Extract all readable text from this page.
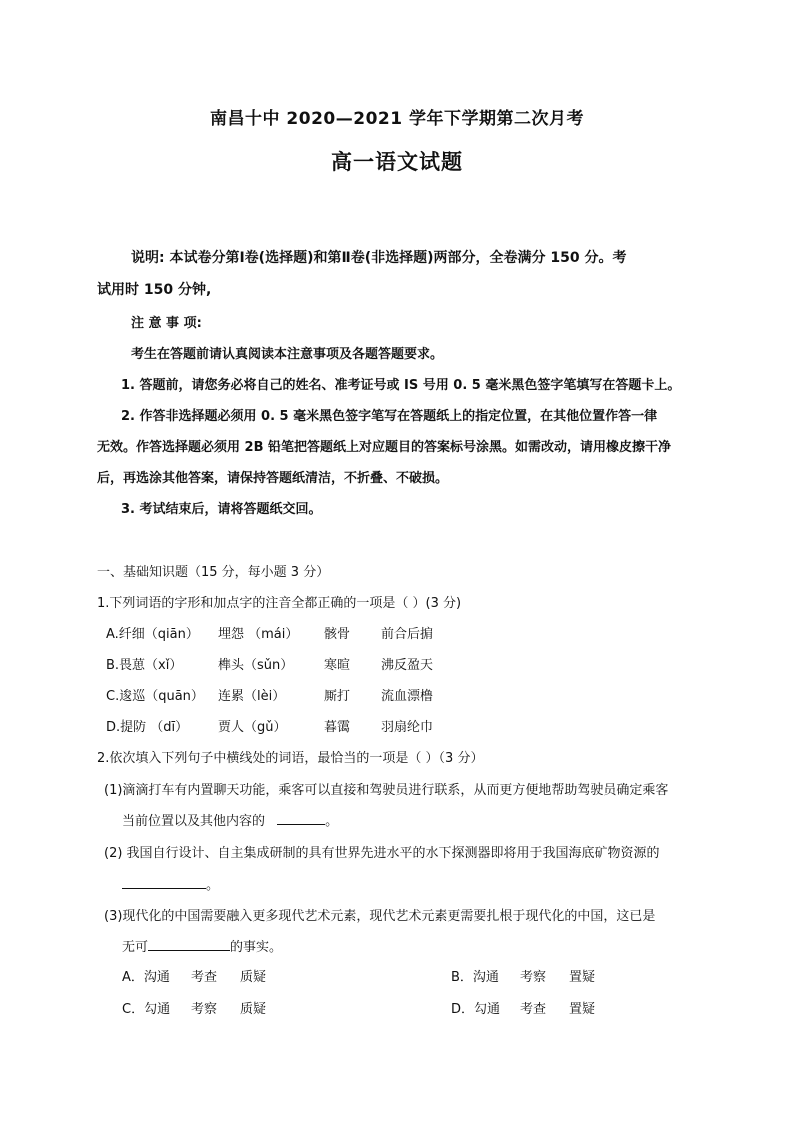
南昌十中 2020—2021 学年下学期第二次月考
高一语文试题
说明: 本试卷分第Ⅰ卷(选择题)和第Ⅱ卷(非选择题)两部分，全卷满分 150 分。考
试用时 150 分钟,
注 意 事 项:
考生在答题前请认真阅读本注意事项及各题答题要求。
1. 答题前，请您务必将自己的姓名、准考证号或 IS 号用 0. 5 毫米黑色签字笔填写在答题卡上。
2. 作答非选择题必须用 0. 5 毫米黑色签字笔写在答题纸上的指定位置，在其他位置作答一律
无效。作答选择题必须用 2B 铅笔把答题纸上对应题目的答案标号涂黑。如需改动，请用橡皮擦干净
后，再选涂其他答案，请保持答题纸清洁，不折叠、不破损。
3. 考试结束后，请将答题纸交回。
一、基础知识题（15 分，每小题 3 分）
1.下列词语的字形和加点字的注音全都正确的一项是（ ）(3 分)
A.纤细（qiān） 埋怨 （mái） 骸骨 前合后掮
B.畏葸（xǐ）	榫头（sǔn） 寒暄 沸反盈天
C.逡巡（quān） 连累（lèi）	厮打 流血漂橹
D.提防 （dī） 贾人（gǔ）	暮霭 羽扇纶巾
2.依次填入下列句子中横线处的词语，最恰当的一项是（ ）（3 分）
(1)滴滴打车有内置聊天功能，乘客可以直接和驾驶员进行联系，从而更方便地帮助驾驶员确定乘客
当前位置以及其他内容的	。
(2) 我国自行设计、自主集成研制的具有世界先进水平的水下探测器即将用于我国海底矿物资源的
。
(3)现代化的中国需要融入更多现代艺术元素，现代艺术元素更需要扎根于现代化的中国，这已是
无可	的事实。
A．沟通 考查 质疑	B．沟通 考察 置疑
C．勾通 考察 质疑	D．勾通 考查 置疑
